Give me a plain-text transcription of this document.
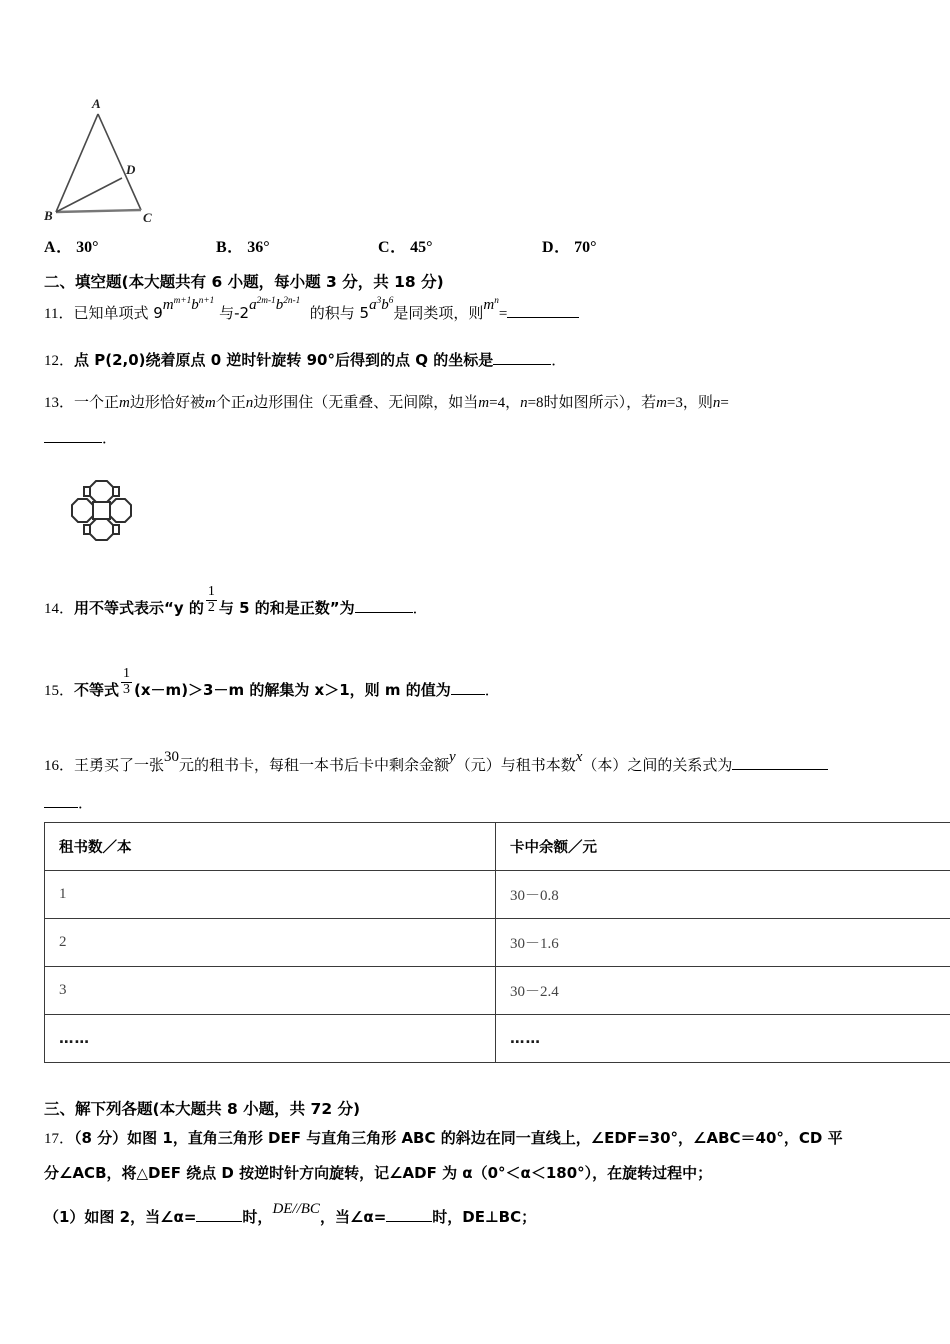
A
B	C
D
A． 30°	B． 36°	C． 45°	D． 70°
二、填空题(本大题共有 6 小题，每小题 3 分，共 18 分)
11．已知单项式 $9m^{m+1}b^{n+1}$ 与$-2a^{2m-1}b^{2n-1}$  的积与 $5a^3b^6$是同类项，则$m^n=$
12．点 P(2,0)绕着原点 0 逆时针旋转 90°后得到的点 Q 的坐标是	．
13．一个正m边形恰好被m个正n边形围住（无重叠、无间隙，如当m=4，n=8时如图所示），若m=3，则n=
．
14．用不等式表示“y 的 $\frac{1}{2}$ 与 5 的和是正数”为	．
15．不等式 $\frac{1}{3} (x-m)>3-m$ 的解集为 x＞1，则 m 的值为 ．
16．王勇买了一张30元的租书卡，每租一本书后卡中剩余金额y（元）与租书本数x（本）之间的关系式为
．
租书数／本	卡中余额／元
1	30－0.8
2	30－1.6
3	30－2.4
……	……
三、解下列各题(本大题共 8 小题，共 72 分)
17．（8 分）如图 1，直角三角形 DEF 与直角三角形 ABC 的斜边在同一直线上，∠EDF=30°，∠ABC＝40°，CD 平
分∠ACB，将△DEF 绕点 D 按逆时针方向旋转，记∠ADF 为 α（0°＜α＜180°），在旋转过程中；
（1）如图 2，当∠α=	时，DE//BC，当∠α=	时，DE⊥BC；
